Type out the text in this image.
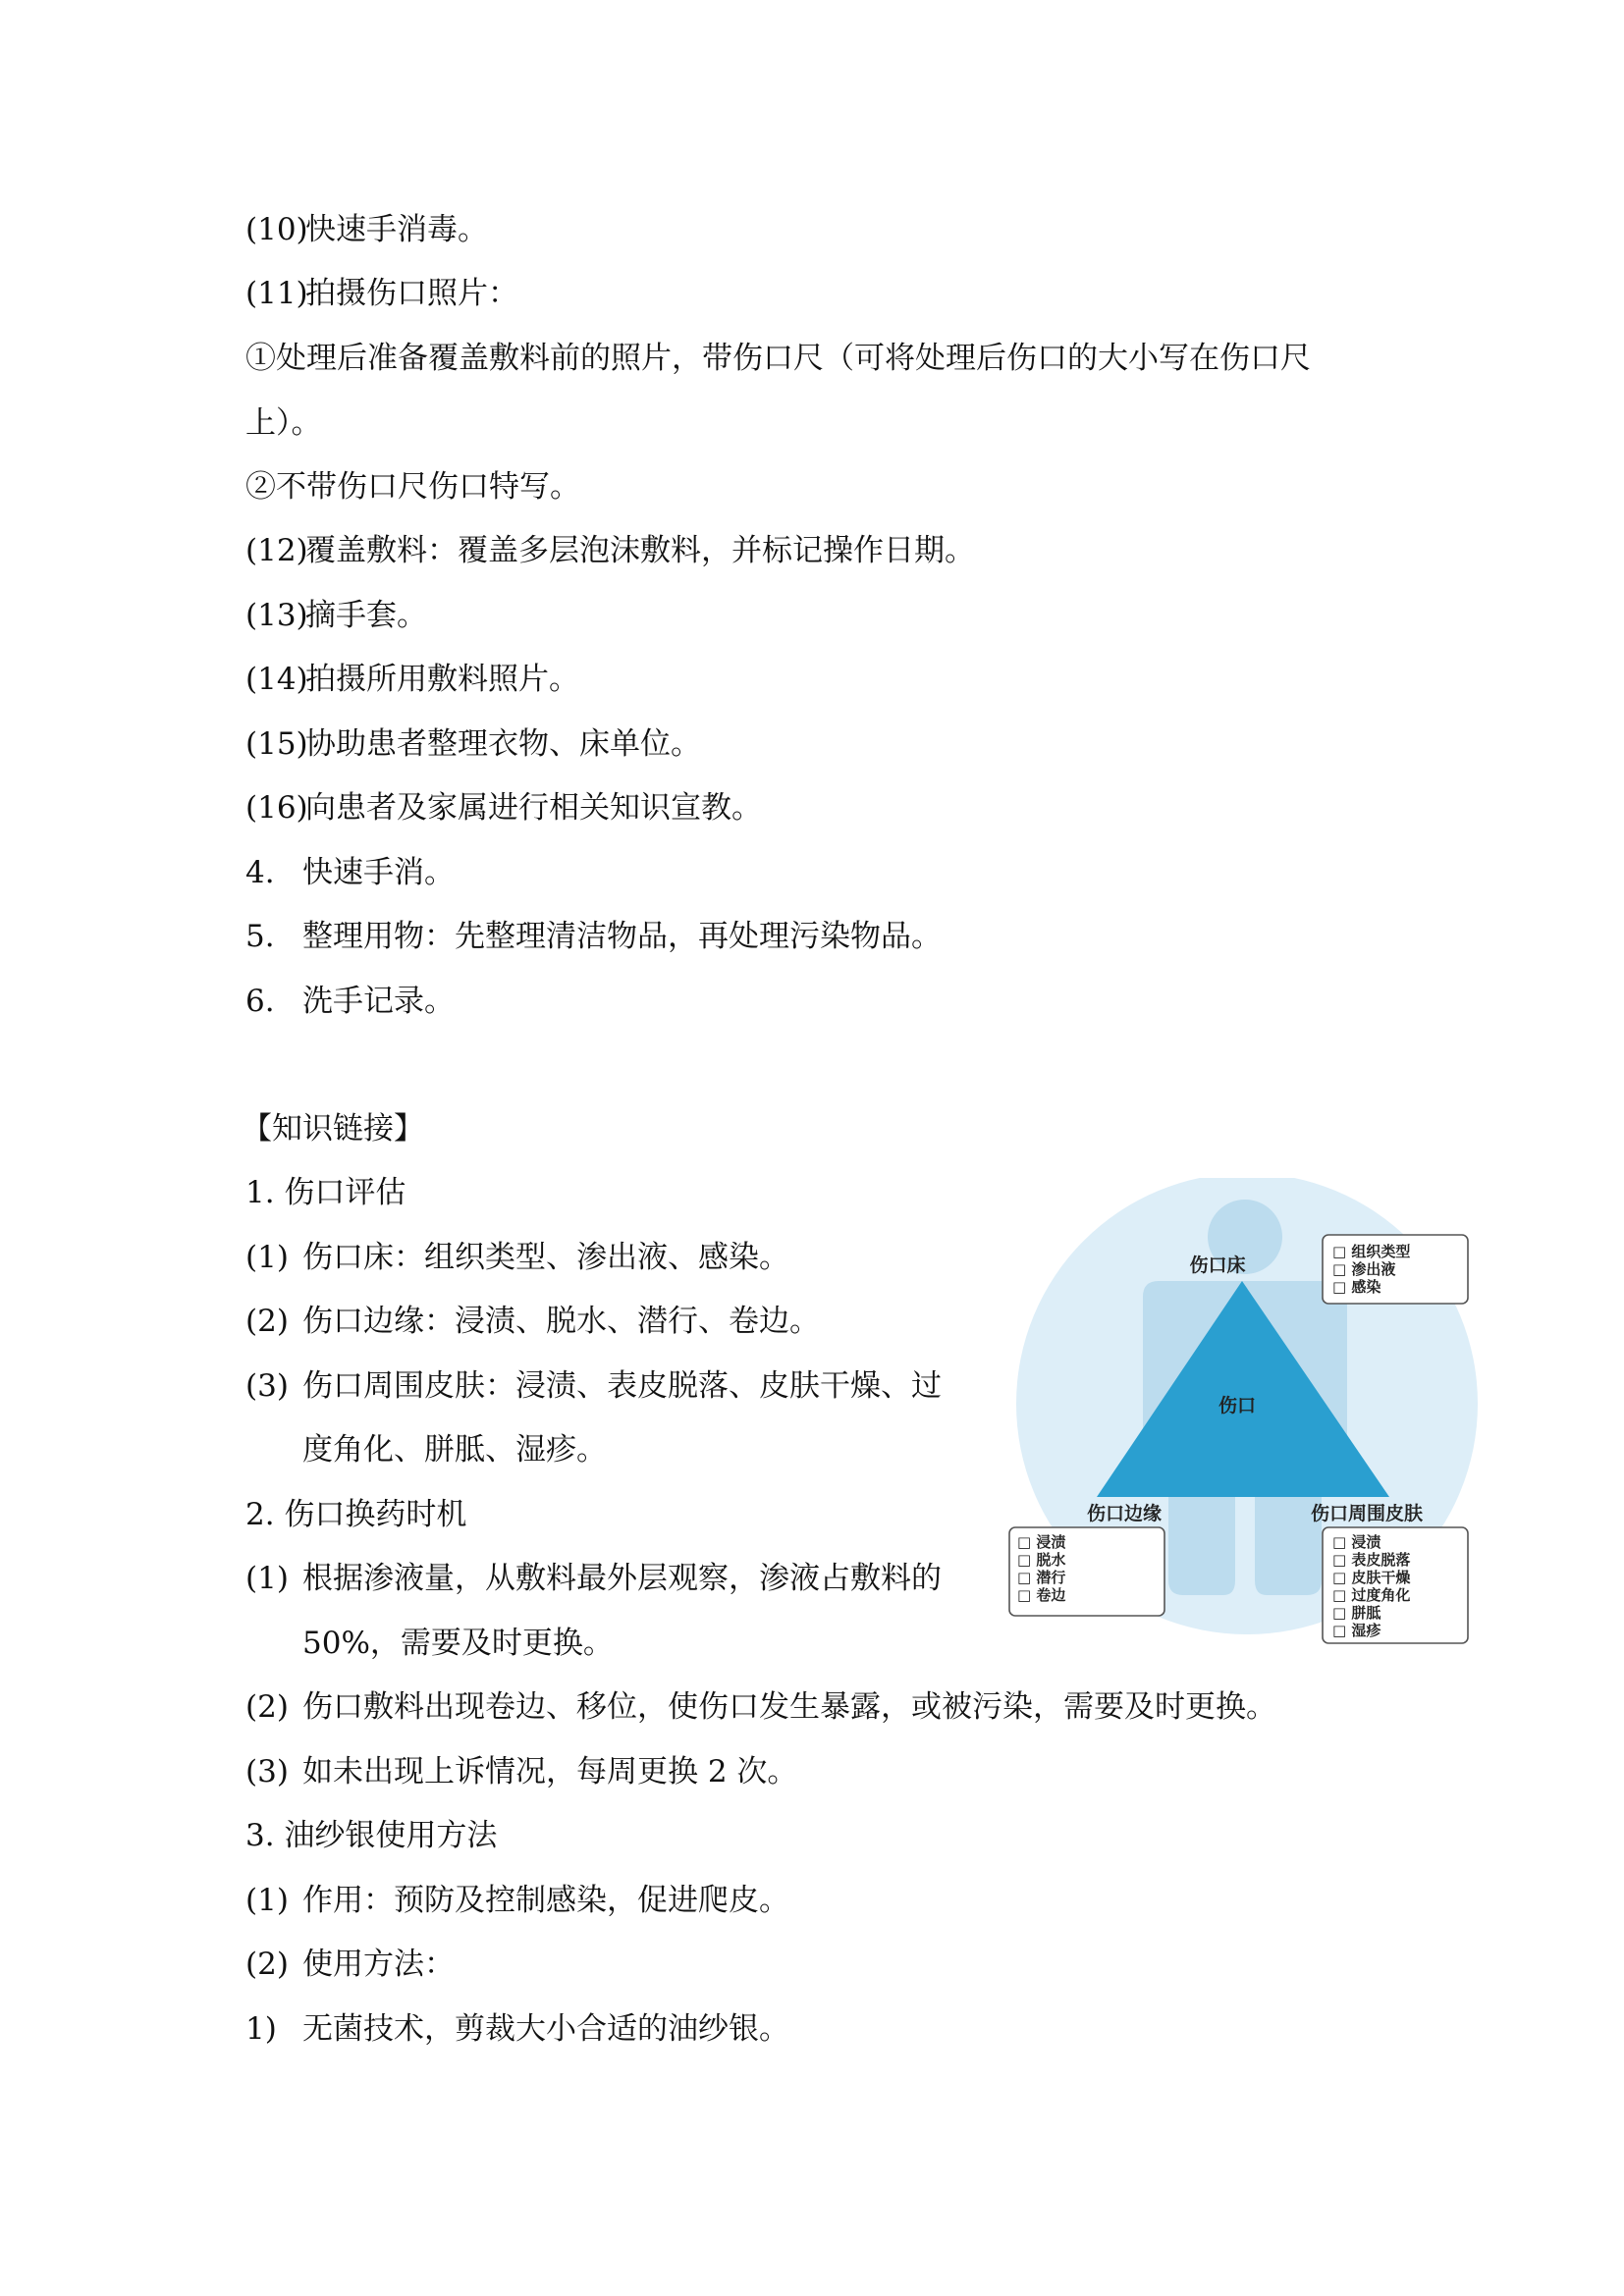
(10)快速手消毒。
(11)拍摄伤口照片：
①处理后准备覆盖敷料前的照片，带伤口尺（可将处理后伤口的大小写在伤口尺
上）。
②不带伤口尺伤口特写。
(12)覆盖敷料：覆盖多层泡沫敷料，并标记操作日期。
(13)摘手套。
(14)拍摄所用敷料照片。
(15)协助患者整理衣物、床单位。
(16)向患者及家属进行相关知识宣教。
4. 快速手消。
5. 整理用物：先整理清洁物品，再处理污染物品。
6. 洗手记录。
【知识链接】
1. 伤口评估
(1) 伤口床：组织类型、渗出液、感染。
(2) 伤口边缘：浸渍、脱水、潜行、卷边。
(3) 伤口周围皮肤：浸渍、表皮脱落、皮肤干燥、过
度角化、胼胝、湿疹。
2. 伤口换药时机
(1) 根据渗液量，从敷料最外层观察，渗液占敷料的
50%，需要及时更换。
(2) 伤口敷料出现卷边、移位，使伤口发生暴露，或被污染，需要及时更换。
(3) 如未出现上诉情况，每周更换 2 次。
3. 油纱银使用方法
(1) 作用：预防及控制感染，促进爬皮。
(2) 使用方法：
1) 无菌技术，剪裁大小合适的油纱银。
伤口
伤口床
伤口边缘	伤口周围皮肤
□ 组织类型
□ 渗出液
□ 感染
□ 浸渍
□ 脱水
□ 潜行
□ 卷边
□ 浸渍
□ 表皮脱落
□ 皮肤干燥
□ 过度角化
□ 胼胝
□ 湿疹
